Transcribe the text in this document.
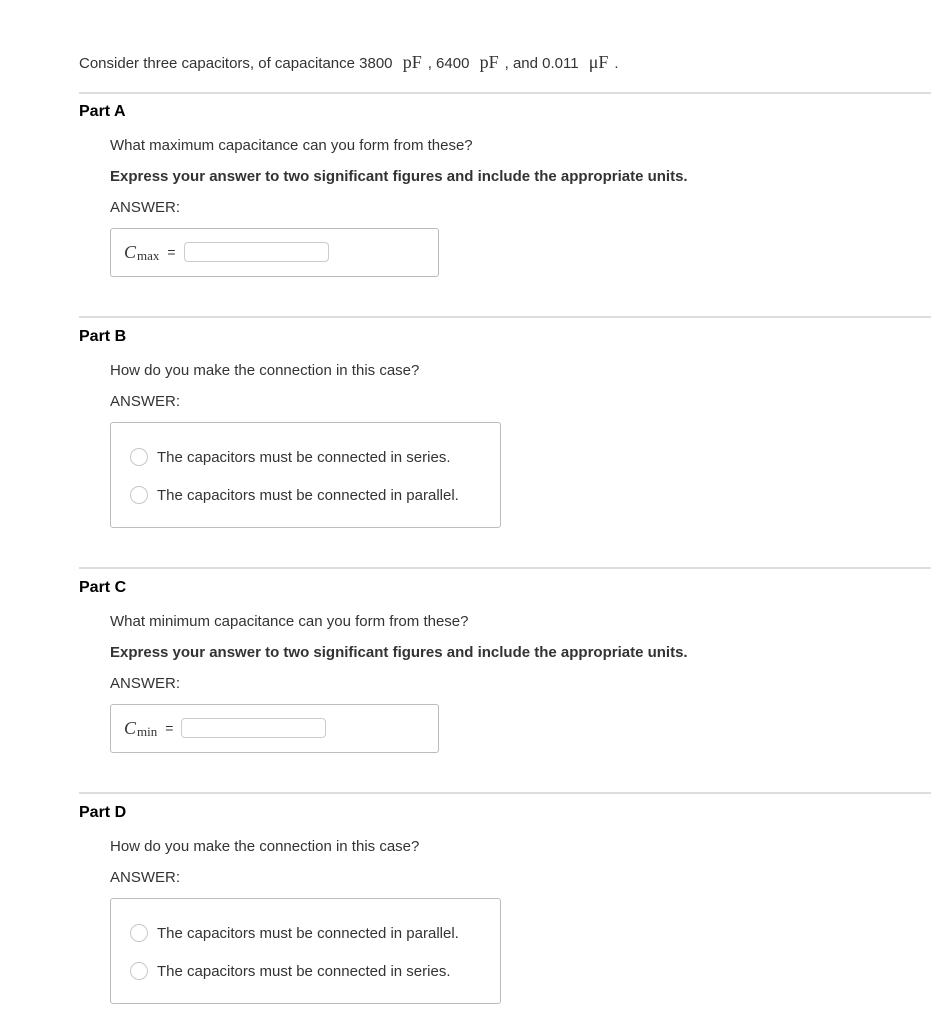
Consider three capacitors, of capacitance 3800 pF , 6400 pF , and 0.011 μF .
Part A
What maximum capacitance can you form from these?
Express your answer to two significant figures and include the appropriate units.
ANSWER:
C max =
Part B
How do you make the connection in this case?
ANSWER:
The capacitors must be connected in series.
The capacitors must be connected in parallel.
Part C
What minimum capacitance can you form from these?
Express your answer to two significant figures and include the appropriate units.
ANSWER:
C min =
Part D
How do you make the connection in this case?
ANSWER:
The capacitors must be connected in parallel.
The capacitors must be connected in series.
